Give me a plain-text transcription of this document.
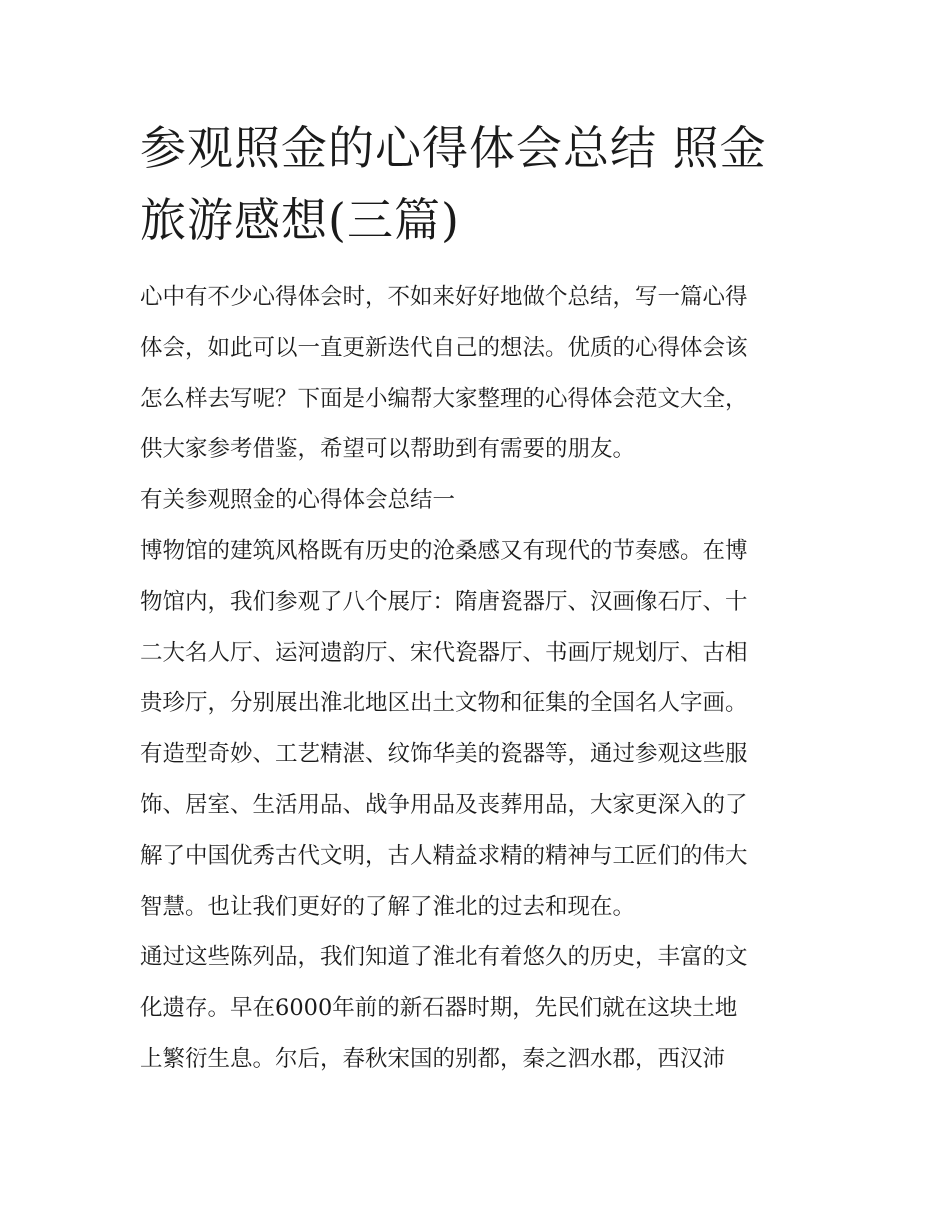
参观照金的心得体会总结 照金
旅游感想(三篇)

心中有不少心得体会时，不如来好好地做个总结，写一篇心得
体会，如此可以一直更新迭代自己的想法。优质的心得体会该
怎么样去写呢？下面是小编帮大家整理的心得体会范文大全，
供大家参考借鉴，希望可以帮助到有需要的朋友。

有关参观照金的心得体会总结一

博物馆的建筑风格既有历史的沧桑感又有现代的节奏感。在博
物馆内，我们参观了八个展厅：隋唐瓷器厅、汉画像石厅、十
二大名人厅、运河遗韵厅、宋代瓷器厅、书画厅规划厅、古相
贵珍厅，分别展出淮北地区出土文物和征集的全国名人字画。
有造型奇妙、工艺精湛、纹饰华美的瓷器等，通过参观这些服
饰、居室、生活用品、战争用品及丧葬用品，大家更深入的了
解了中国优秀古代文明，古人精益求精的精神与工匠们的伟大
智慧。也让我们更好的了解了淮北的过去和现在。

通过这些陈列品，我们知道了淮北有着悠久的历史，丰富的文
化遗存。早在6000年前的新石器时期，先民们就在这块土地
上繁衍生息。尔后，春秋宋国的别都，秦之泗水郡，西汉沛
